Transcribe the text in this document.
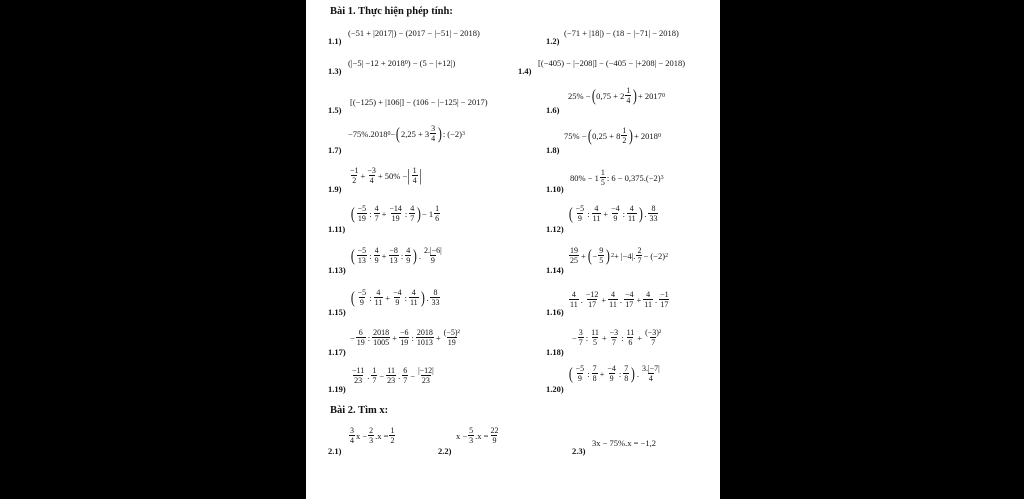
Bài 1. Thực hiện phép tính:
1.1)
(−51 + |2017|) − (2017 − |−51| − 2018)
1.2)
(−71 + |18|) − (18 − |−71| − 2018)
1.3)
(|−5| −12 + 2018 0 ) − (5 − |+12|)
1.4)
[(−405) − |−208|] − (−405 − |+208| − 2018)
1.5)
[(−125) + |106|] − (106 − |−125| − 2017)
1.6)
25% − ( 0,75 + 2 1
4 ) + 2017 0
1.7)
−75%.2018 0 − ( 2,25 + 3 3
4 ) : (−2) 3
1.8)
75% − ( 0,25 + 8 1
2 ) + 2018 0
1.9)
−1
$2 + \frac{-3}{4} + 50\%$ − | 1
4 |
1.10)
80% − 1 1
5 : 6 − 0,375.(−2) 3
1.11)
( −5
19 : 4
$7 + \frac{-14}{19}$ : 4
7 ) − 1 1
6
1.12)
( −5
9 : 4
$11 + \frac{-4}{9}$ : 4
11 ) . 8
33
1.13)
( −5
13 : 4
$9 + \frac{-8}{13}$ : 4
9 ) . 2.|−6|
9
1.14)
19
25 + ( − $\frac{9}{5}$ ) 2 + |−4|. 2
7 − (−2) 2
1.15)
( −5
9 : 4
$11 + \frac{-4}{9}$ : 4
11 ) . 8
33
1.16)
4
11 . −12
$17 + \frac{4}{11}$ . −4
$17 + \frac{4}{11}$ . −1
17
1.17)
− $\frac{6}{19}$ : 2018
$1005 + \frac{-6}{19}$ : 2018
$1013 + \frac{\text{(−5)²}}{19}$
1.18)
− $\frac{3}{7}$ : 11
$5 + \frac{-3}{7}$ : 11
$6 + \frac{\text{(−3)²}}{7}$
1.19)
−11
23 . 1
$7 - \frac{11}{23}$ . 6
$7 - \frac{|-12|}{23}$
1.20)
( −5
9 : 7
$8 + \frac{-4}{9}$ : 7
8 ) . 3.|−7|
4
Bài 2. Tìm x:
2.1)
3
4 $x - \frac{2}{3} .x = \frac{1}{2}$
2.2)
$x - \frac{5}{3} .x = \frac{22}{9}$
2.3)
3x − 75%.x = −1,2
